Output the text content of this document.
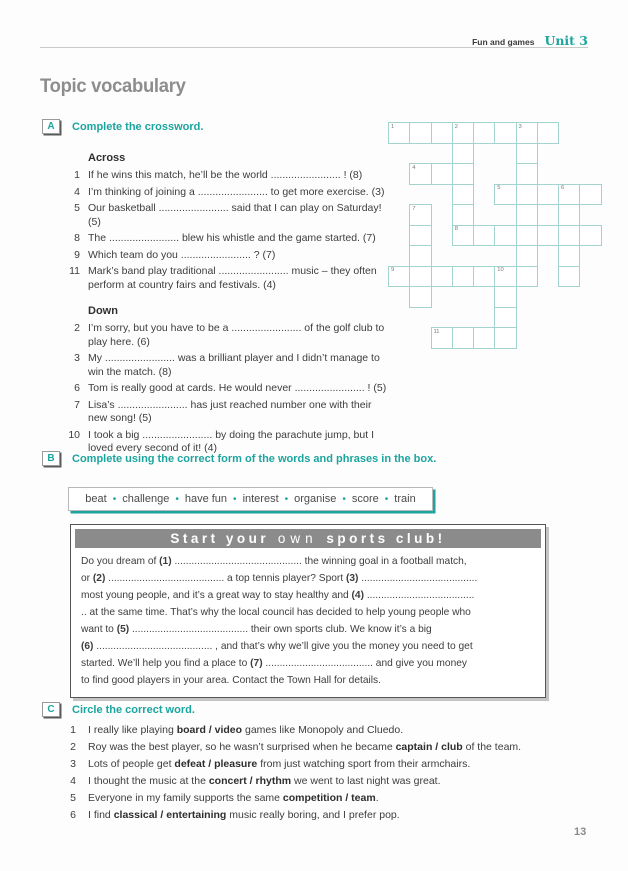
Fun and games Unit 3
Topic vocabulary
A	Complete the crossword.
Across
1 If he wins this match, he’ll be the world ........................ ! (8)
4 I’m thinking of joining a ........................ to get more exercise. (3)
5 Our basketball ........................ said that I can play on Saturday! (5)
8 The ........................ blew his whistle and the game started. (7)
9 Which team do you ........................ ? (7)
11 Mark’s band play traditional ........................ music – they often perform at country fairs and festivals. (4)
Down
2 I’m sorry, but you have to be a ........................ of the golf club to play here. (6)
3 My ........................ was a brilliant player and I didn’t manage to win the match. (8)
6 Tom is really good at cards. He would never ........................ ! (5)
7 Lisa’s ........................ has just reached number one with their new song! (5)
10 I took a big ........................ by doing the parachute jump, but I loved every second of it! (4)
1	2	3
4
5	6
8
9	10
11
7
B	Complete using the correct form of the words and phrases in the box.
beat • challenge • have fun • interest • organise • score • train
Start your own sports club!
Do you dream of (1) ............................................. the winning goal in a football match,
or (2) ......................................... a top tennis player? Sport (3) .........................................
most young people, and it’s a great way to stay healthy and (4) ......................................
.. at the same time. That’s why the local council has decided to help young people who
want to (5) ......................................... their own sports club. We know it’s a big
(6) ......................................... , and that’s why we’ll give you the money you need to get
started. We’ll help you find a place to (7) ...................................... and give you money
to find good players in your area. Contact the Town Hall for details.
C	Circle the correct word.
1 I really like playing board / video games like Monopoly and Cluedo.
2 Roy was the best player, so he wasn’t surprised when he became captain / club of the team.
3 Lots of people get defeat / pleasure from just watching sport from their armchairs.
4 I thought the music at the concert / rhythm we went to last night was great.
5 Everyone in my family supports the same competition / team.
6 I find classical / entertaining music really boring, and I prefer pop.
13
